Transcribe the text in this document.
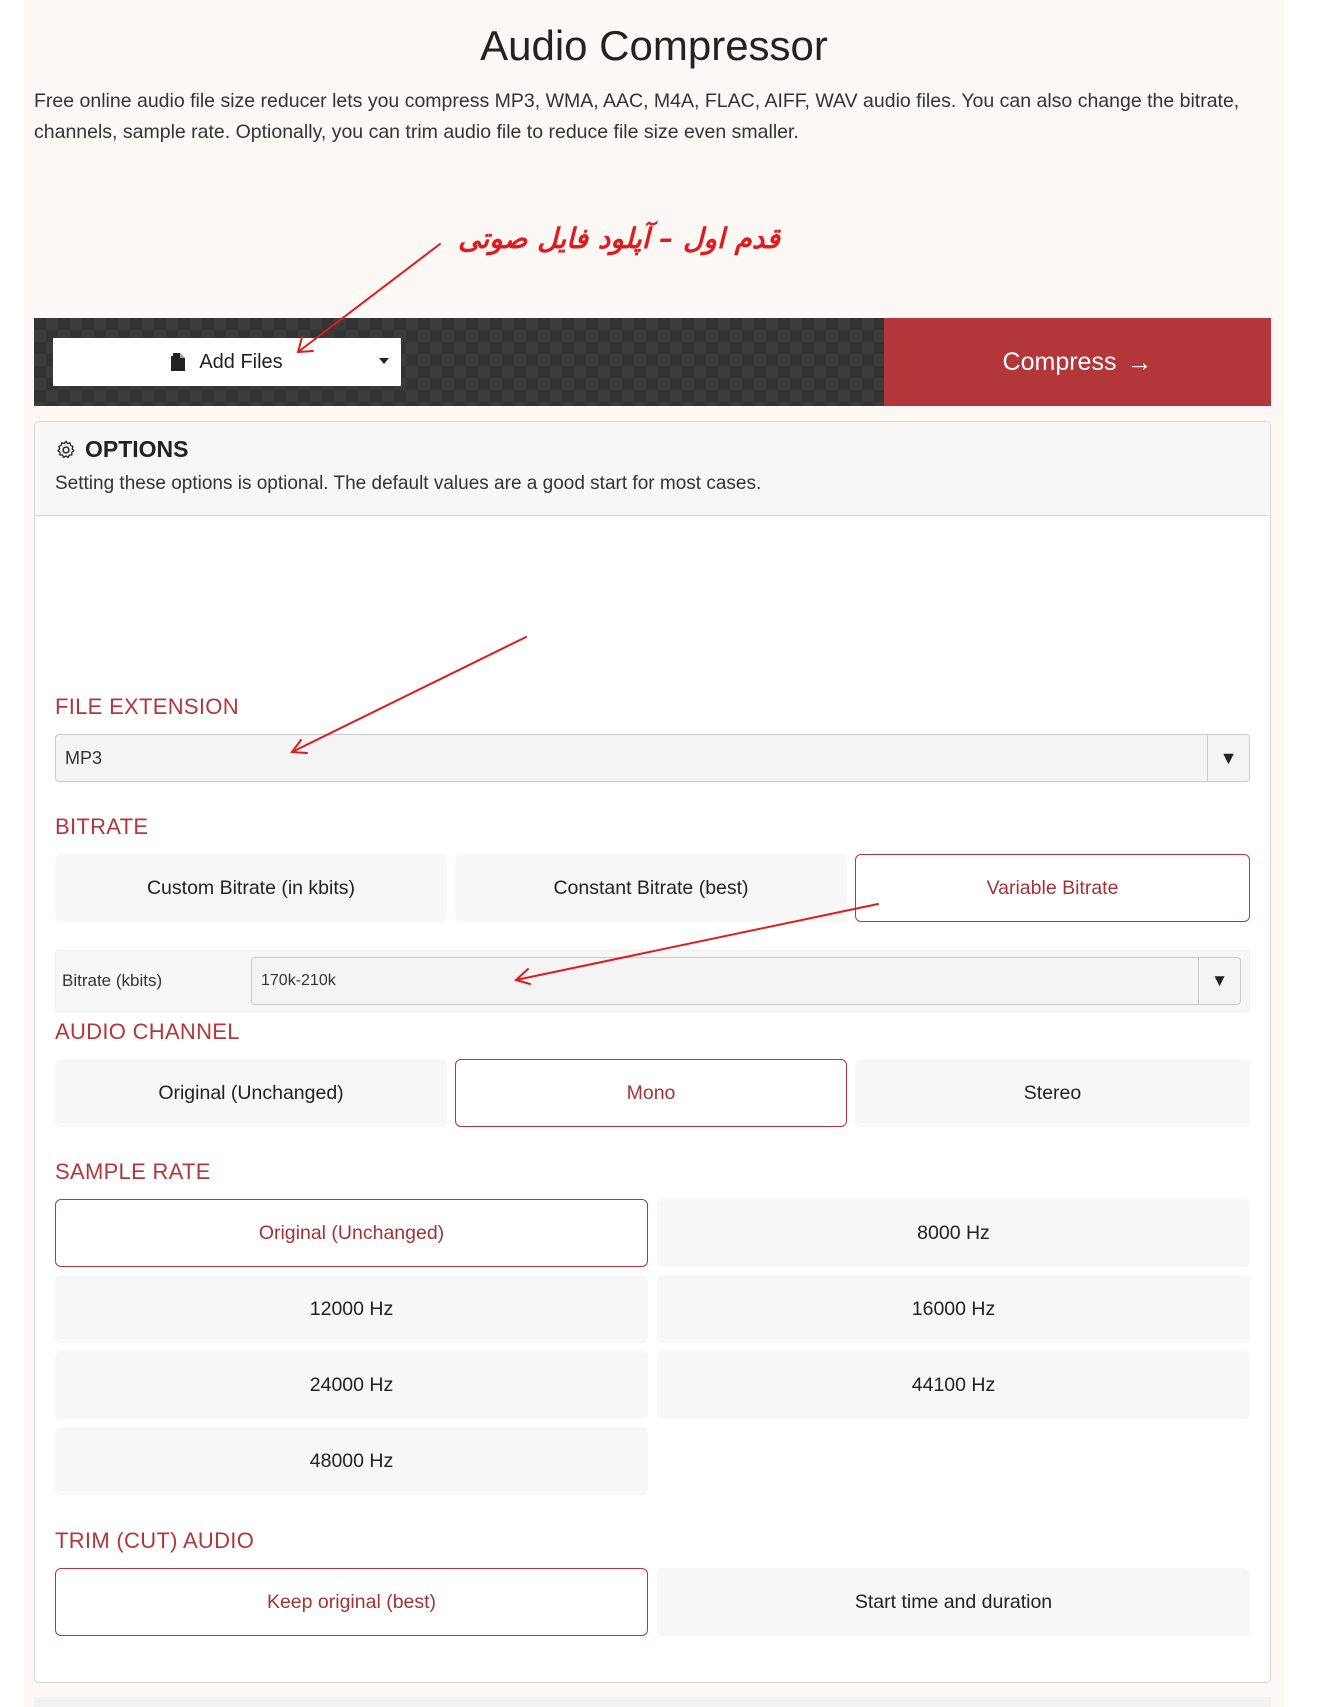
Audio Compressor

Free online audio file size reducer lets you compress MP3, WMA, AAC, M4A, FLAC, AIFF, WAV audio files. You can also change the bitrate, channels, sample rate. Optionally, you can trim audio file to reduce file size even smaller.

قدم اول – آپلود فایل صوتی
Add Files	Compress →
OPTIONS
Setting these options is optional. The default values are a good start for most cases.
FILE EXTENSION
MP3	▼
BITRATE
Custom Bitrate (in kbits)	Constant Bitrate (best)	Variable Bitrate
Bitrate (kbits)	170k-210k	▼
AUDIO CHANNEL
Original (Unchanged)	Mono	Stereo
SAMPLE RATE
Original (Unchanged)	8000 Hz
12000 Hz	16000 Hz
24000 Hz	44100 Hz
48000 Hz
TRIM (CUT) AUDIO
Keep original (best)	Start time and duration
